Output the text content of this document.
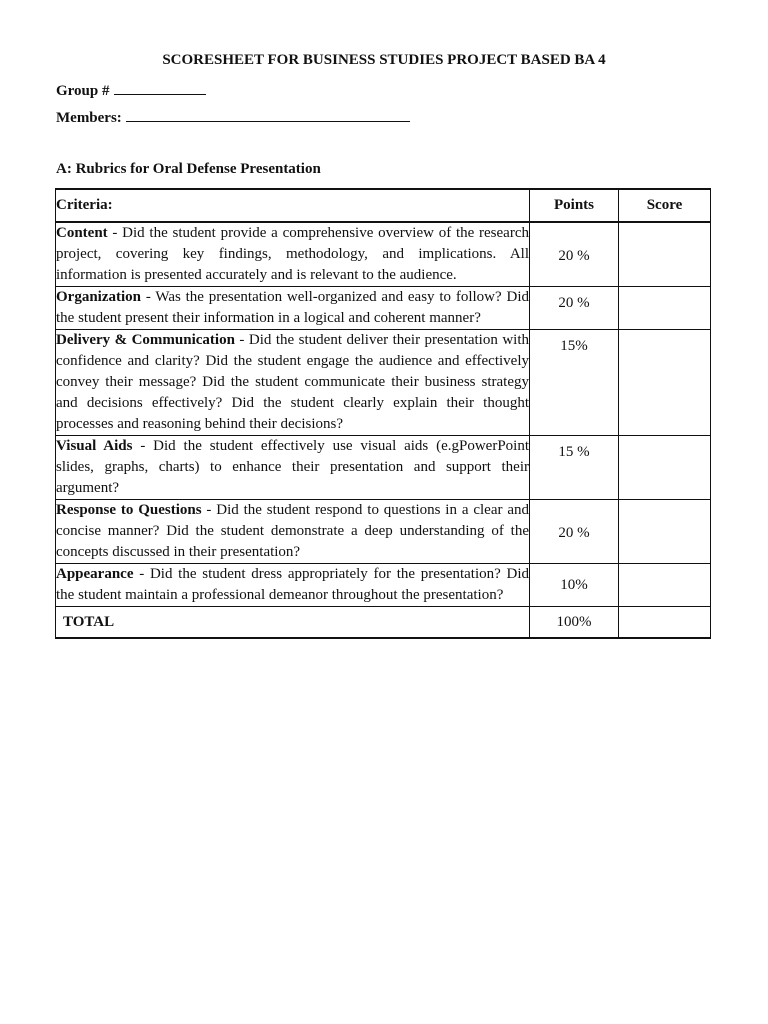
SCORESHEET FOR BUSINESS STUDIES PROJECT BASED BA 4
Group #
Members:
A: Rubrics for Oral Defense Presentation
Criteria:	Points	Score
Content - Did the student provide a comprehensive overview of the research project, covering key findings, methodology, and implications. All information is presented accurately and is relevant to the audience.	20 %	
Organization - Was the presentation well-organized and easy to follow? Did the student present their information in a logical and coherent manner?	20 %	
Delivery & Communication - Did the student deliver their presentation with confidence and clarity? Did the student engage the audience and effectively convey their message? Did the student communicate their business strategy and decisions effectively? Did the student clearly explain their thought processes and reasoning behind their decisions?	15%	
Visual Aids - Did the student effectively use visual aids (e.gPowerPoint slides, graphs, charts) to enhance their presentation and support their argument?	15 %	
Response to Questions - Did the student respond to questions in a clear and concise manner? Did the student demonstrate a deep understanding of the concepts discussed in their presentation?	20 %	
Appearance - Did the student dress appropriately for the presentation? Did the student maintain a professional demeanor throughout the presentation?	10%	
TOTAL	100%	
